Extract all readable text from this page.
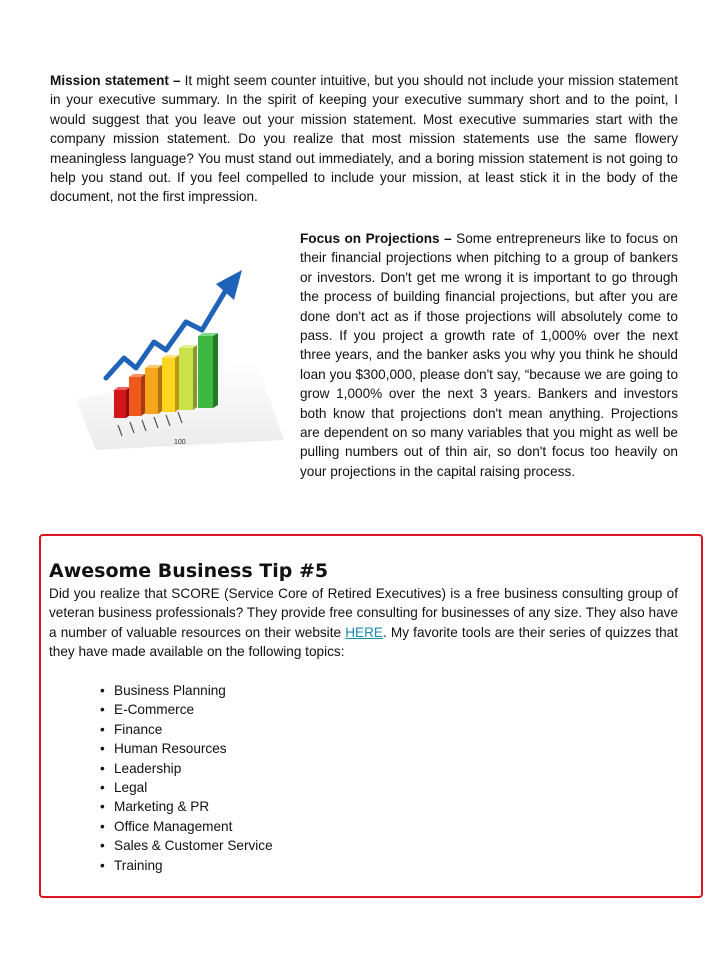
Mission statement – It might seem counter intuitive, but you should not include your mission statement in your executive summary. In the spirit of keeping your executive summary short and to the point, I would suggest that you leave out your mission statement. Most executive summaries start with the company mission statement. Do you realize that most mission statements use the same flowery meaningless language? You must stand out immediately, and a boring mission statement is not going to help you stand out. If you feel compelled to include your mission, at least stick it in the body of the document, not the first impression.
100
Focus on Projections – Some entrepreneurs like to focus on their financial projections when pitching to a group of bankers or investors. Don't get me wrong it is important to go through the process of building financial projections, but after you are done don't act as if those projections will absolutely come to pass. If you project a growth rate of 1,000% over the next three years, and the banker asks you why you think he should loan you $300,000, please don't say, “because we are going to grow 1,000% over the next 3 years. Bankers and investors both know that projections don't mean anything. Projections are dependent on so many variables that you might as well be pulling numbers out of thin air, so don't focus too heavily on your projections in the capital raising process.
Awesome Business Tip #5
Did you realize that SCORE (Service Core of Retired Executives) is a free business consulting group of veteran business professionals? They provide free consulting for businesses of any size. They also have a number of valuable resources on their website HERE. My favorite tools are their series of quizzes that they have made available on the following topics:
• Business Planning
• E-Commerce
• Finance
• Human Resources
• Leadership
• Legal
• Marketing & PR
• Office Management
• Sales & Customer Service
• Training
